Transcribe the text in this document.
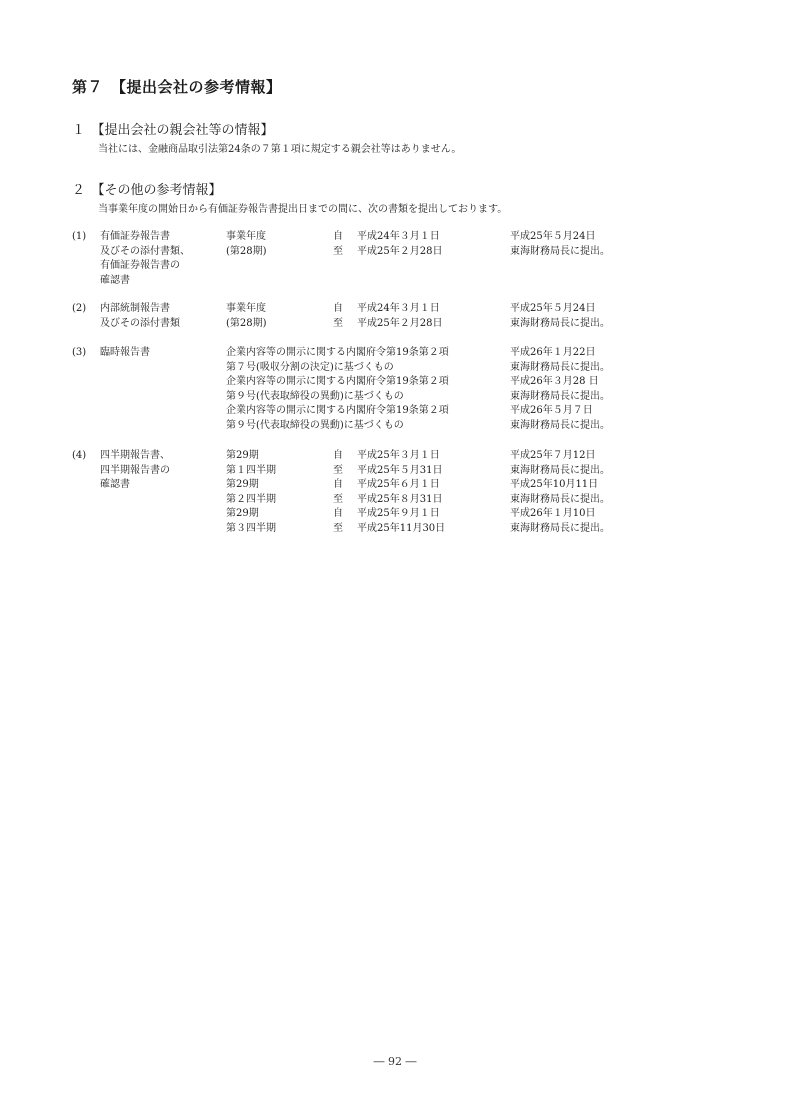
第７　【提出会社の参考情報】
１　【提出会社の親会社等の情報】
当社には、金融商品取引法第24条の７第１項に規定する親会社等はありません。
２　【その他の参考情報】
当事業年度の開始日から有価証券報告書提出日までの間に、次の書類を提出しております。
(1) 有価証券報告書
及びその添付書類、
有価証券報告書の
確認書
事業年度
(第28期)
自
至
平成24年３月１日
平成25年２月28日
平成25年５月24日
東海財務局長に提出。
(2) 内部統制報告書
及びその添付書類
事業年度
(第28期)
自
至
平成24年３月１日
平成25年２月28日
平成25年５月24日
東海財務局長に提出。
(3) 臨時報告書	企業内容等の開示に関する内閣府令第19条第２項
第７号(吸収分割の決定)に基づくもの
企業内容等の開示に関する内閣府令第19条第２項
第９号(代表取締役の異動)に基づくもの
企業内容等の開示に関する内閣府令第19条第２項
第９号(代表取締役の異動)に基づくもの
平成26年１月22日
東海財務局長に提出。
平成26年３月28 日
東海財務局長に提出。
平成26年５月７日
東海財務局長に提出。
(4) 四半期報告書、
四半期報告書の
確認書
第29期
第１四半期
第29期
第２四半期
第29期
第３四半期
自
至
自
至
自
至
平成25年３月１日
平成25年５月31日
平成25年６月１日
平成25年８月31日
平成25年９月１日
平成25年11月30日
平成25年７月12日
東海財務局長に提出。
平成25年10月11日
東海財務局長に提出。
平成26年１月10日
東海財務局長に提出。
― 92 ―
